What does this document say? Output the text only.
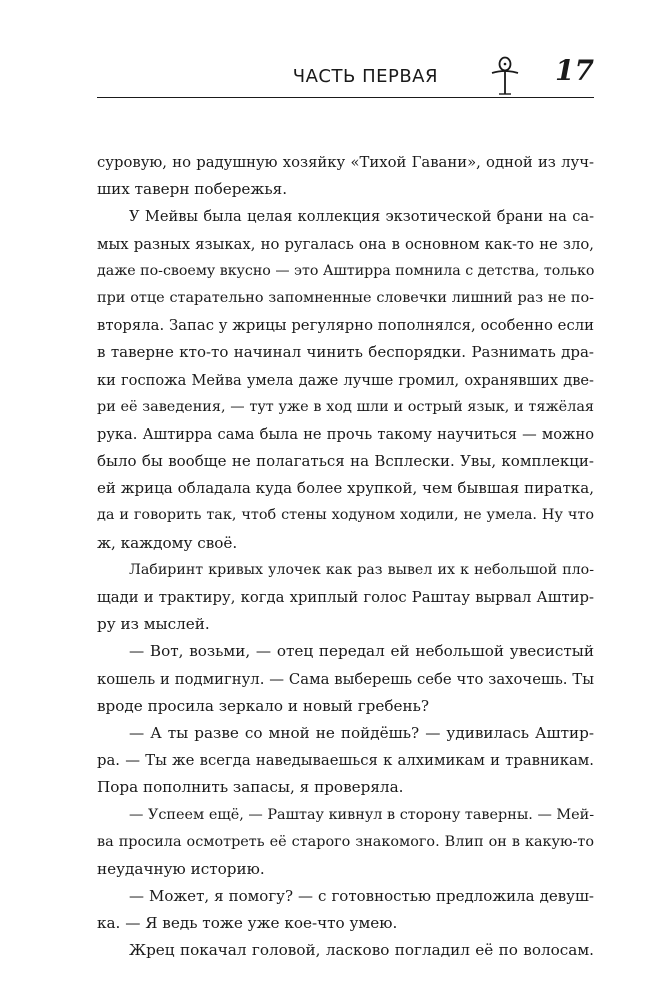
ЧАСТЬ ПЕРВАЯ	17
суровую, но радушную хозяйку «Тихой Гавани», одной из луч-
ших таверн побережья.
У Мейвы была целая коллекция экзотической брани на са-
мых разных языках, но ругалась она в основном как-то не зло,
даже по-своему вкусно — это Аштирра помнила с детства, только
при отце старательно запомненные словечки лишний раз не по-
вторяла. Запас у жрицы регулярно пополнялся, особенно если
в таверне кто-то начинал чинить беспорядки. Разнимать дра-
ки госпожа Мейва умела даже лучше громил, охранявших две-
ри её заведения, — тут уже в ход шли и острый язык, и тяжёлая
рука. Аштирра сама была не прочь такому научиться — можно
было бы вообще не полагаться на Всплески. Увы, комплекци-
ей жрица обладала куда более хрупкой, чем бывшая пиратка,
да и говорить так, чтоб стены ходуном ходили, не умела. Ну что
ж, каждому своё.
Лабиринт кривых улочек как раз вывел их к небольшой пло-
щади и трактиру, когда хриплый голос Раштау вырвал Аштир-
ру из мыслей.
— Вот, возьми, — отец передал ей небольшой увесистый
кошель и подмигнул. — Сама выберешь себе что захочешь. Ты
вроде просила зеркало и новый гребень?
— А ты разве со мной не пойдёшь? — удивилась Аштир-
ра. — Ты же всегда наведываешься к алхимикам и травникам.
Пора пополнить запасы, я проверяла.
— Успеем ещё, — Раштау кивнул в сторону таверны. — Мей-
ва просила осмотреть её старого знакомого. Влип он в какую-то
неудачную историю.
— Может, я помогу? — с готовностью предложила девуш-
ка. — Я ведь тоже уже кое-что умею.
Жрец покачал головой, ласково погладил её по волосам.
